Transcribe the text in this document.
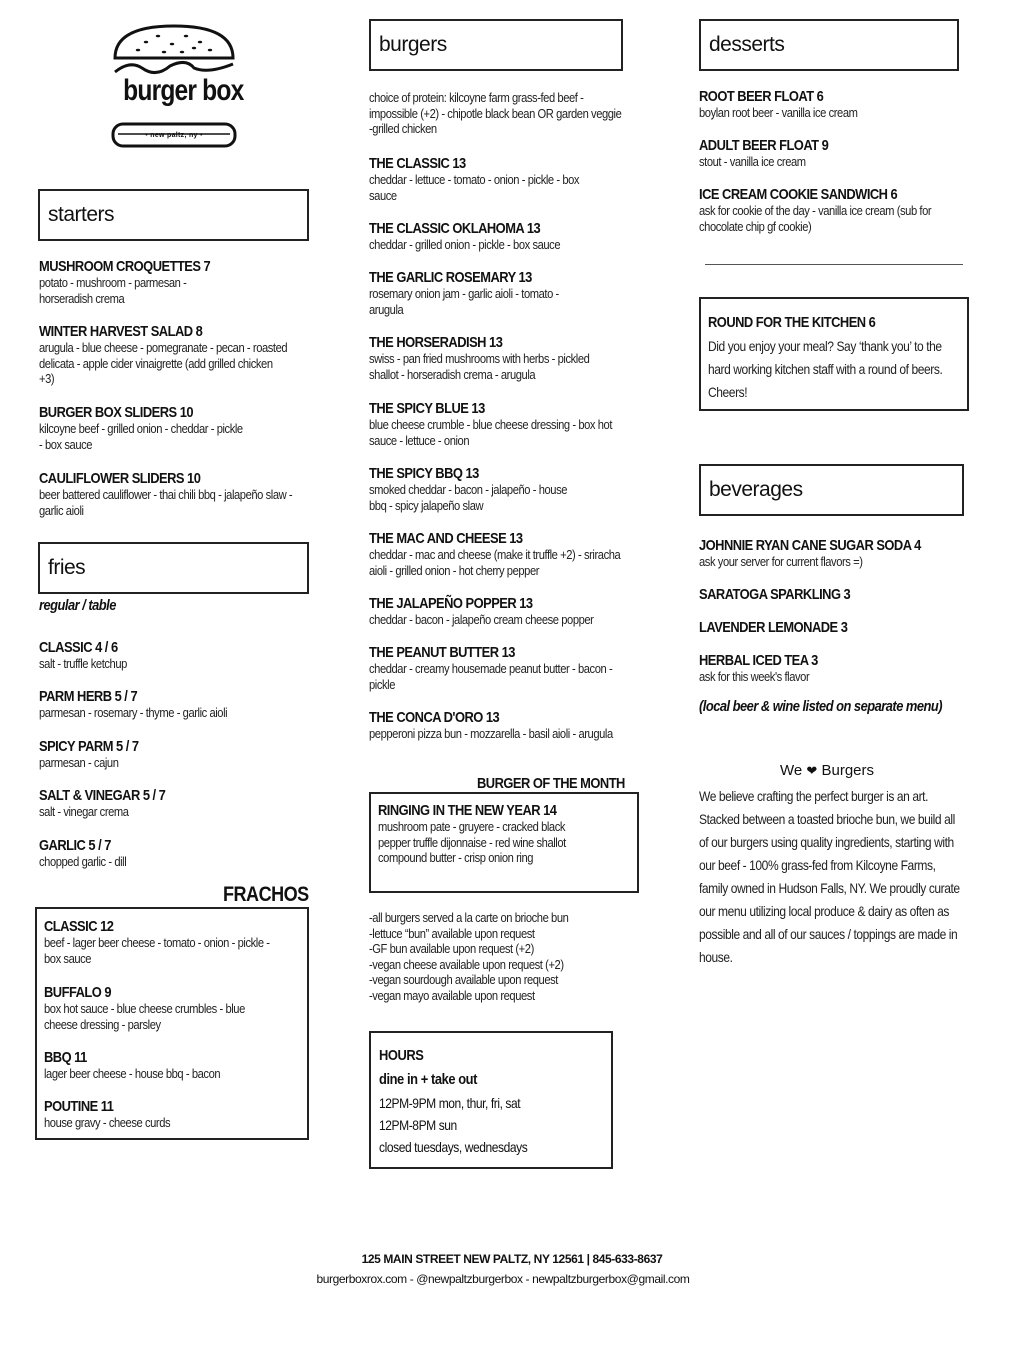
burger box
• new paltz, ny •
starters
MUSHROOM CROQUETTES 7
potato - mushroom - parmesan - horseradish crema
WINTER HARVEST SALAD 8
arugula - blue cheese - pomegranate - pecan - roasted delicata - apple cider vinaigrette (add grilled chicken +3)
BURGER BOX SLIDERS 10
kilcoyne beef - grilled onion - cheddar - pickle - box sauce
CAULIFLOWER SLIDERS 10
beer battered cauliflower - thai chili bbq - jalapeño slaw - garlic aioli
fries
regular / table
CLASSIC 4 / 6
salt - truffle ketchup
PARM HERB 5 / 7
parmesan - rosemary - thyme - garlic aioli
SPICY PARM 5 / 7
parmesan - cajun
SALT & VINEGAR 5 / 7
salt - vinegar crema
GARLIC 5 / 7
chopped garlic - dill
FRACHOS
CLASSIC 12
beef - lager beer cheese - tomato - onion - pickle - box sauce
BUFFALO 9
box hot sauce - blue cheese crumbles - blue cheese dressing - parsley
BBQ 11
lager beer cheese - house bbq - bacon
POUTINE 11
house gravy - cheese curds
burgers
choice of protein: kilcoyne farm grass-fed beef - impossible (+2) - chipotle black bean OR garden veggie -grilled chicken
THE CLASSIC 13
cheddar - lettuce - tomato - onion - pickle - box sauce
THE CLASSIC OKLAHOMA 13
cheddar - grilled onion - pickle - box sauce
THE GARLIC ROSEMARY 13
rosemary onion jam - garlic aioli - tomato - arugula
THE HORSERADISH 13
swiss - pan fried mushrooms with herbs - pickled shallot - horseradish crema - arugula
THE SPICY BLUE 13
blue cheese crumble - blue cheese dressing - box hot sauce - lettuce - onion
THE SPICY BBQ 13
smoked cheddar - bacon - jalapeño - house bbq - spicy jalapeño slaw
THE MAC AND CHEESE 13
cheddar - mac and cheese (make it truffle +2) - sriracha aioli - grilled onion - hot cherry pepper
THE JALAPEÑO POPPER 13
cheddar - bacon - jalapeño cream cheese popper
THE PEANUT BUTTER 13
cheddar - creamy housemade peanut butter - bacon - pickle
THE CONCA D'ORO 13
pepperoni pizza bun - mozzarella - basil aioli - arugula
BURGER OF THE MONTH
RINGING IN THE NEW YEAR 14
mushroom pate - gruyere - cracked black pepper truffle dijonnaise - red wine shallot compound butter - crisp onion ring
-all burgers served a la carte on brioche bun
-lettuce “bun” available upon request
-GF bun available upon request (+2)
-vegan cheese available upon request (+2)
-vegan sourdough available upon request
-vegan mayo available upon request

HOURS

dine in + take out

12PM-9PM mon, thur, fri, sat

12PM-8PM sun

closed tuesdays, wednesdays

desserts
ROOT BEER FLOAT 6
boylan root beer - vanilla ice cream
ADULT BEER FLOAT 9
stout - vanilla ice cream
ICE CREAM COOKIE SANDWICH 6
ask for cookie of the day - vanilla ice cream (sub for chocolate chip gf cookie)
ROUND FOR THE KITCHEN 6
Did you enjoy your meal? Say ‘thank you’ to the hard working kitchen staff with a round of beers. Cheers!
beverages
JOHNNIE RYAN CANE SUGAR SODA 4
ask your server for current flavors =)
SARATOGA SPARKLING 3
LAVENDER LEMONADE 3
HERBAL ICED TEA 3
ask for this week's flavor
(local beer & wine listed on separate menu)
We ❤ Burgers
We believe crafting the perfect burger is an art. Stacked between a toasted brioche bun, we build all of our burgers using quality ingredients, starting with our beef - 100% grass-fed from Kilcoyne Farms, family owned in Hudson Falls, NY. We proudly curate our menu utilizing local produce & dairy as often as possible and all of our sauces / toppings are made in house.
125 MAIN STREET NEW PALTZ, NY 12561 | 845-633-8637
burgerboxrox.com - @newpaltzburgerbox - newpaltzburgerbox@gmail.com
